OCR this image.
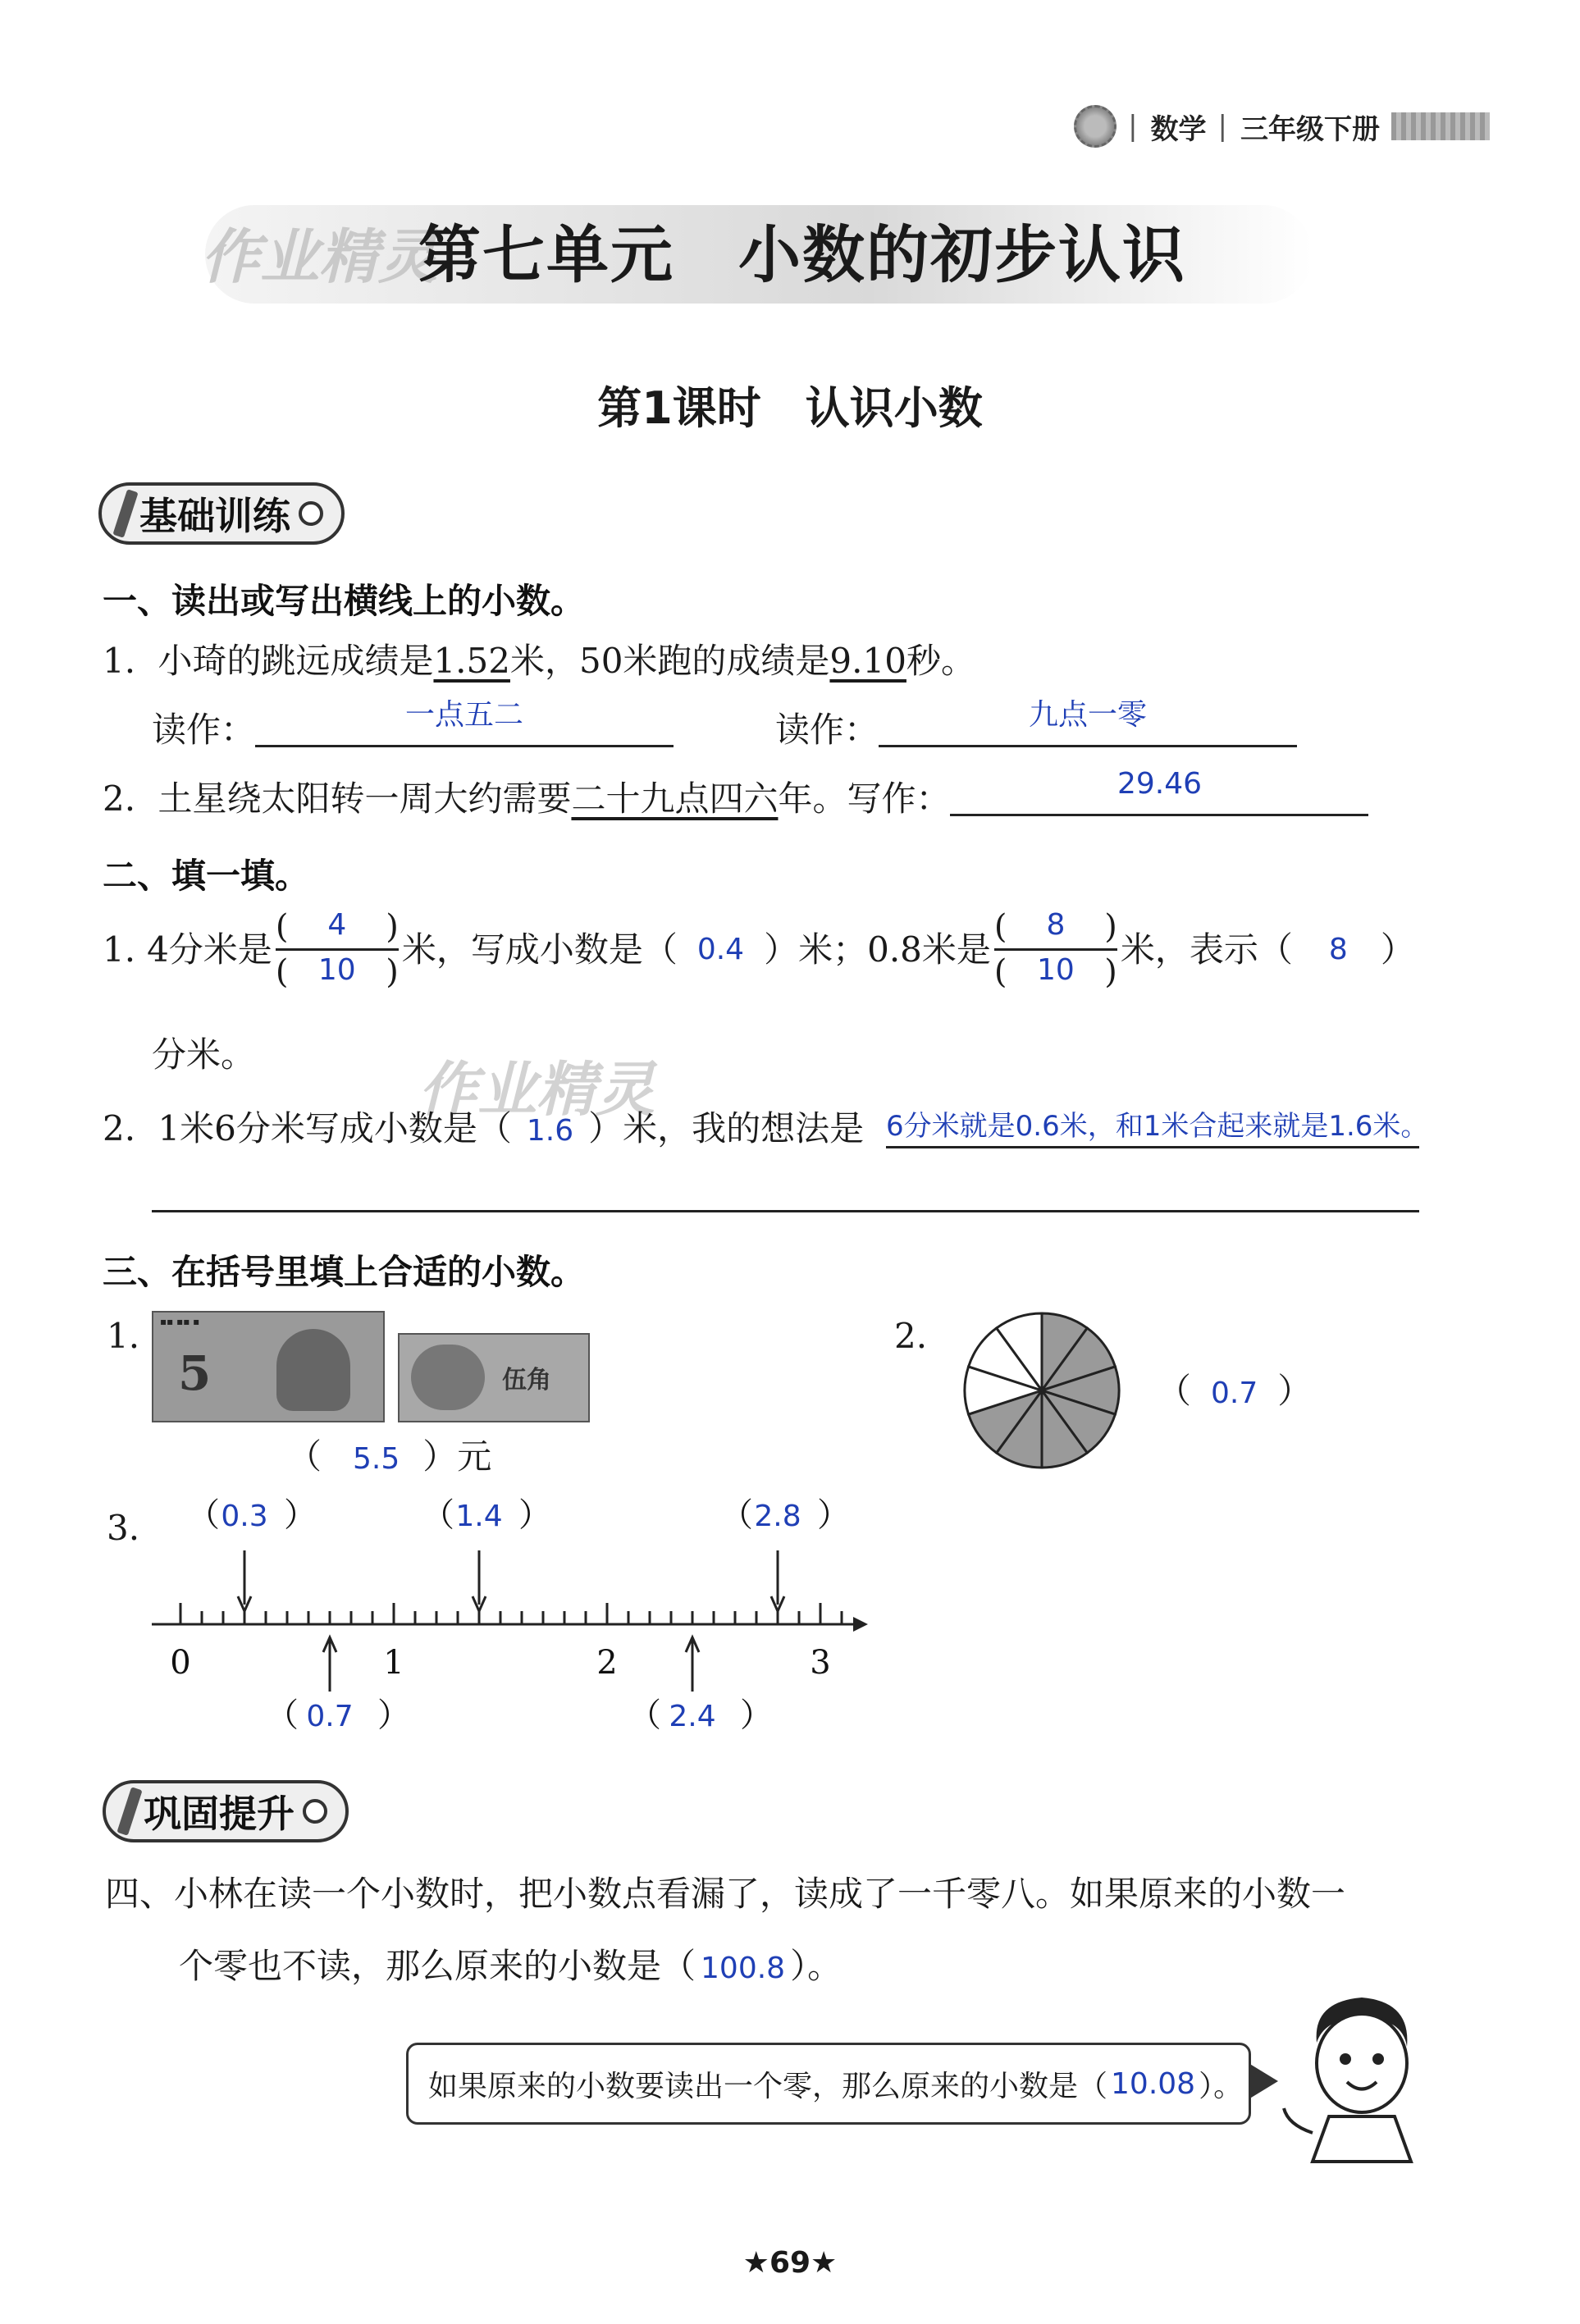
| 数学 | 三年级下册
作业精灵
第七单元　小数的初步认识
第1课时　认识小数
基础训练
一、读出或写出横线上的小数。
1. 小琦的跳远成绩是1.52米，50米跑的成绩是9.10秒。
读作：	一点五二	读作：	九点一零
2. 土星绕太阳转一周大约需要二十九点四六年。写作：	29.46
二、填一填。
1. 4分米是 $\frac{( 4 )}{( 10 )}$ 米，写成小数是（ 0.4 ）米；0.8米是 $\frac{( 8 )}{( 10 )}$ 米，表示（ 8 ）
分米。
作业精灵
2. 1米6分米写成小数是（ 1.6 ）米，我的想法是 6分米就是0.6米，和1米合起来就是1.6米。
三、在括号里填上合适的小数。
1. ▪▪ ▪▪ ▪
5	伍角
（ 5.5 ）元
2.
（ 0.7 ）
3.
0	1	2	3
（ ）
0.3	（ ）
1.4	（ ）
2.8
（ ）
0.7	（ ）
2.4
巩固提升
四、小林在读一个小数时，把小数点看漏了，读成了一千零八。如果原来的小数一
个零也不读，那么原来的小数是（ 100.8 ）。
如果原来的小数要读出一个零，那么原来的小数是（ 10.08 ）。
★69★
